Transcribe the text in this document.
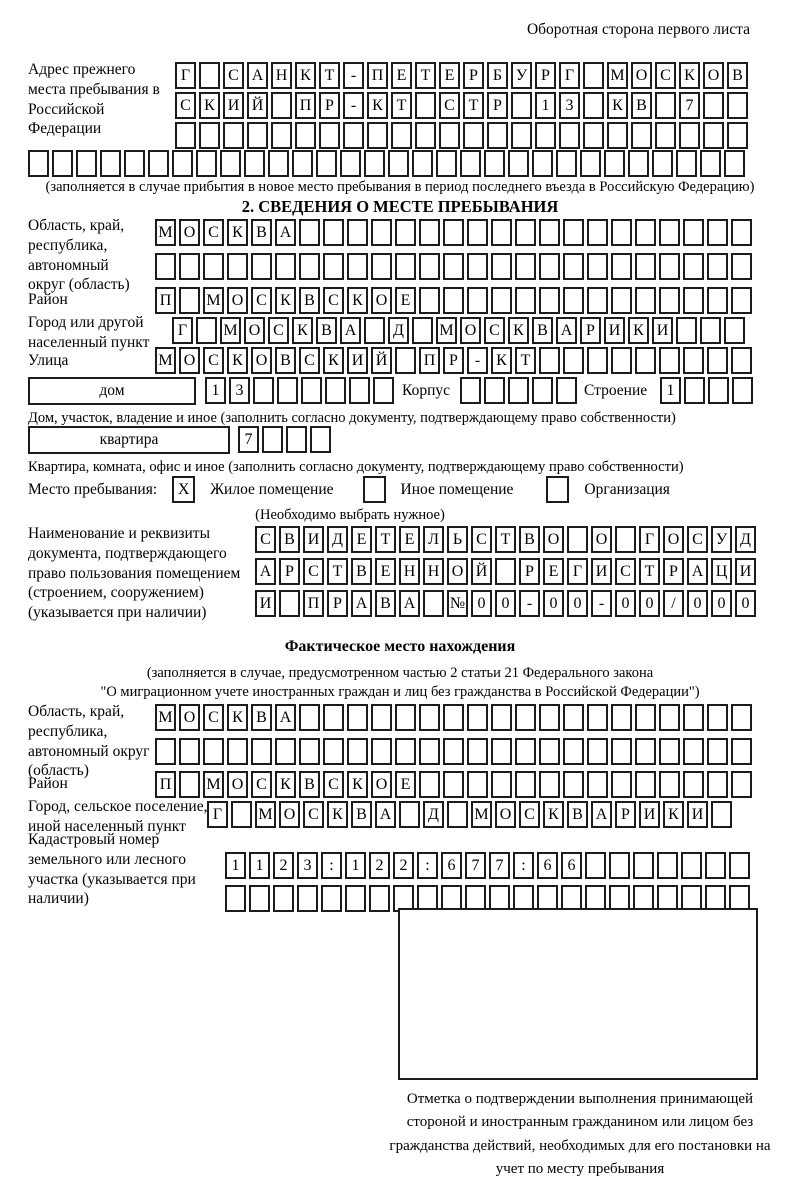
Оборотная сторона первого листа
Адрес прежнего места пребывания в Российской Федерации
Г	С А Н К Т	- П Е Т Е Р Б У Р Г	М О С К О В
С К И Й П Р	-	К Т	С Т Р	1	3	К В	7
(заполняется в случае прибытия в новое место пребывания в период последнего въезда в Российскую Федерацию)
2. СВЕДЕНИЯ О МЕСТЕ ПРЕБЫВАНИЯ
Область, край, республика, автономный округ (область)
М О С К В А
Район	П М О С К В С К О Е
Город или другой населенный пункт
Г	М О С К В А	Д	М О С К В А Р И К И
Улица	М О С К О В С К И Й П Р	-	К Т
дом	1	3	Корпус	Строение	1
Дом, участок, владение и иное (заполнить согласно документу, подтверждающему право собственности)
квартира	7
Квартира, комната, офис и иное (заполнить согласно документу, подтверждающему право собственности)
Место пребывания:	X	Жилое помещение	Иное помещение	Организация
(Необходимо выбрать нужное)
Наименование и реквизиты документа, подтверждающего право пользования помещением (строением, сооружением) (указывается при наличии)
С В И Д Е Т Е Л Ь С Т В О О	Г О С У Д
А Р С Т В Е Н Н О Й	Р Е Г И С Т Р А Ц И
И П Р А В А № 0	0	-	0	0	-	0	0	/	0	0	0
Фактическое место нахождения
(заполняется в случае, предусмотренном частью 2 статьи 21 Федерального закона
"О миграционном учете иностранных граждан и лиц без гражданства в Российской Федерации")
Область, край, республика, автономный округ (область)
М О С К В А
Район	П М О С К В С К О Е
Город, сельское поселение, иной населенный пункт
Г	М О С К В А	Д	М О С К В А Р И К И
Кадастровый номер земельного или лесного участка (указывается при наличии)
1	1	2	3	:	1	2	2	:	6	7	7	:	6	6
Отметка о подтверждении выполнения принимающей стороной и иностранным гражданином или лицом без гражданства действий, необходимых для его постановки на учет по месту пребывания
